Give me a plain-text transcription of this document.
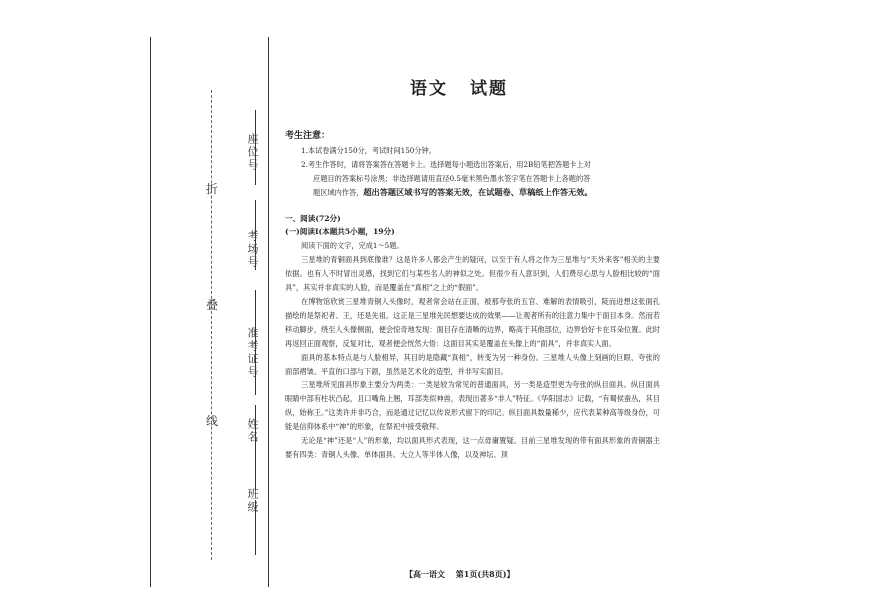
折
叠
线
座位号
考场号
准考证号
姓名
班级
语文 试题

考生注意：

1.本试卷满分150分，考试时间150分钟。

2.考生作答时，请将答案答在答题卡上。选择题每小题选出答案后，用2B铅笔把答题卡上对

应题目的答案标号涂黑；非选择题请用直径0.5毫米黑色墨水签字笔在答题卡上各题的答

题区域内作答，超出答题区域书写的答案无效，在试题卷、草稿纸上作答无效。

一、阅读(72分)

(一)阅读Ⅰ(本题共5小题，19分)

阅读下面的文字，完成1～5题。

三星堆的青铜面具到底像谁？这是许多人都会产生的疑问，以至于有人将之作为三星堆与“天外来客”相关的主要依据。也有人不时冒出灵感，找到它们与某些名人的神似之处。但很少有人意识到，人们费尽心思与人脸相比较的“面具”，其实并非真实的人脸，而是覆盖在“真相”之上的“假面”。

在博物馆欣赏三星堆青铜人头像时，观者常会站在正面，被那夸张的五官、难解的表情吸引，陡而迸想这张面孔描绘的是祭祀者、王，还是先祖。这正是三星堆先民想要达成的效果——让观者所有的注意力集中于面目本身。然而若移动脚步，绕至人头像侧面，便会惊奇地发现：面目存在清晰的边界，略高于其他部位，边界恰好卡在耳朵位置。此时再返回正面观察，反复对比，观者便会恍然大悟：这面目其实是覆盖在头像上的“面具”，并非真实人面。

面具的基本特点是与人脸相异，其目的是隐藏“真相”，转变为另一种身份。三星堆人头像上刻画的巨眼、夸张的面部褶皱、平直的口部与下颌，虽然是艺术化的造型，并非写实面目。

三星堆所见面具形象主要分为两类：一类是较为常见的普通面具，另一类是造型更为夸张的纵目面具。纵目面具眼睛中部有柱状凸起，且口嘴角上翘，耳部类似神兽，表现出著多“非人”特征。《华阳国志》记载，“有蜀侯蚕丛，其目纵，始称王。”这类许并非巧合，而是通过记忆以传说形式留下的印记。纵目面具数量稀少，应代表某种高等级身份，可能是信仰体系中“神”的形象，在祭祀中接受敬拜。

无论是“神”还是“人”的形象，均以面具形式表现，这一点毋庸置疑。目前三星堆发现的带有面具形象的青铜器主要有四类：青铜人头像、单体面具、大立人等半体人像，以及神坛、顶

【高一语文 第1页(共8页)】
